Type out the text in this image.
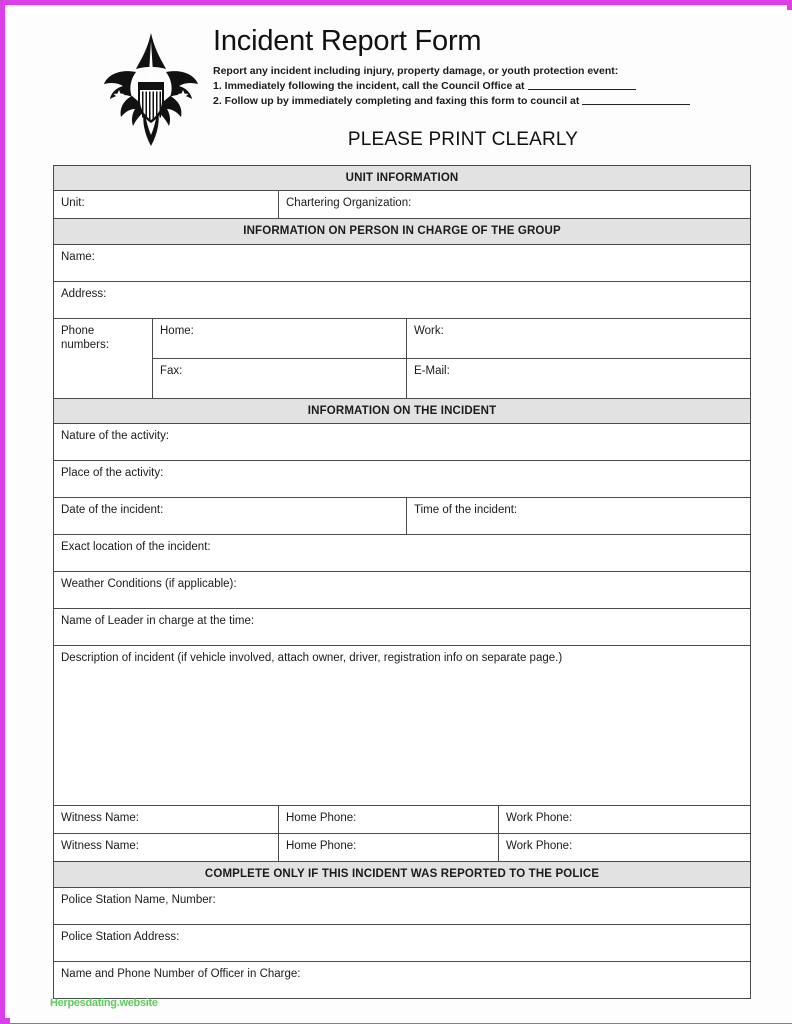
Incident Report Form
Report any incident including injury, property damage, or youth protection event:
1. Immediately following the incident, call the Council Office at
2. Follow up by immediately completing and faxing this form to council at
PLEASE PRINT CLEARLY
UNIT INFORMATION				
Unit:		Chartering Organization:		
INFORMATION ON PERSON IN CHARGE OF THE GROUP				
Name:				
Address:				
Phone numbers:	Home:		Work:	
	Fax:		E-Mail:	
INFORMATION ON THE INCIDENT				
Nature of the activity:				
Place of the activity:				
Date of the incident:			Time of the incident:	
Exact location of the incident:				
Weather Conditions (if applicable):				
Name of Leader in charge at the time:				
Description of incident (if vehicle involved, attach owner, driver, registration info on separate page.)				
Witness Name:		Home Phone:		Work Phone:
Witness Name:		Home Phone:		Work Phone:
COMPLETE ONLY IF THIS INCIDENT WAS REPORTED TO THE POLICE				
Police Station Name, Number:				
Police Station Address:				
Name and Phone Number of Officer in Charge:				
Herpesdating.website
